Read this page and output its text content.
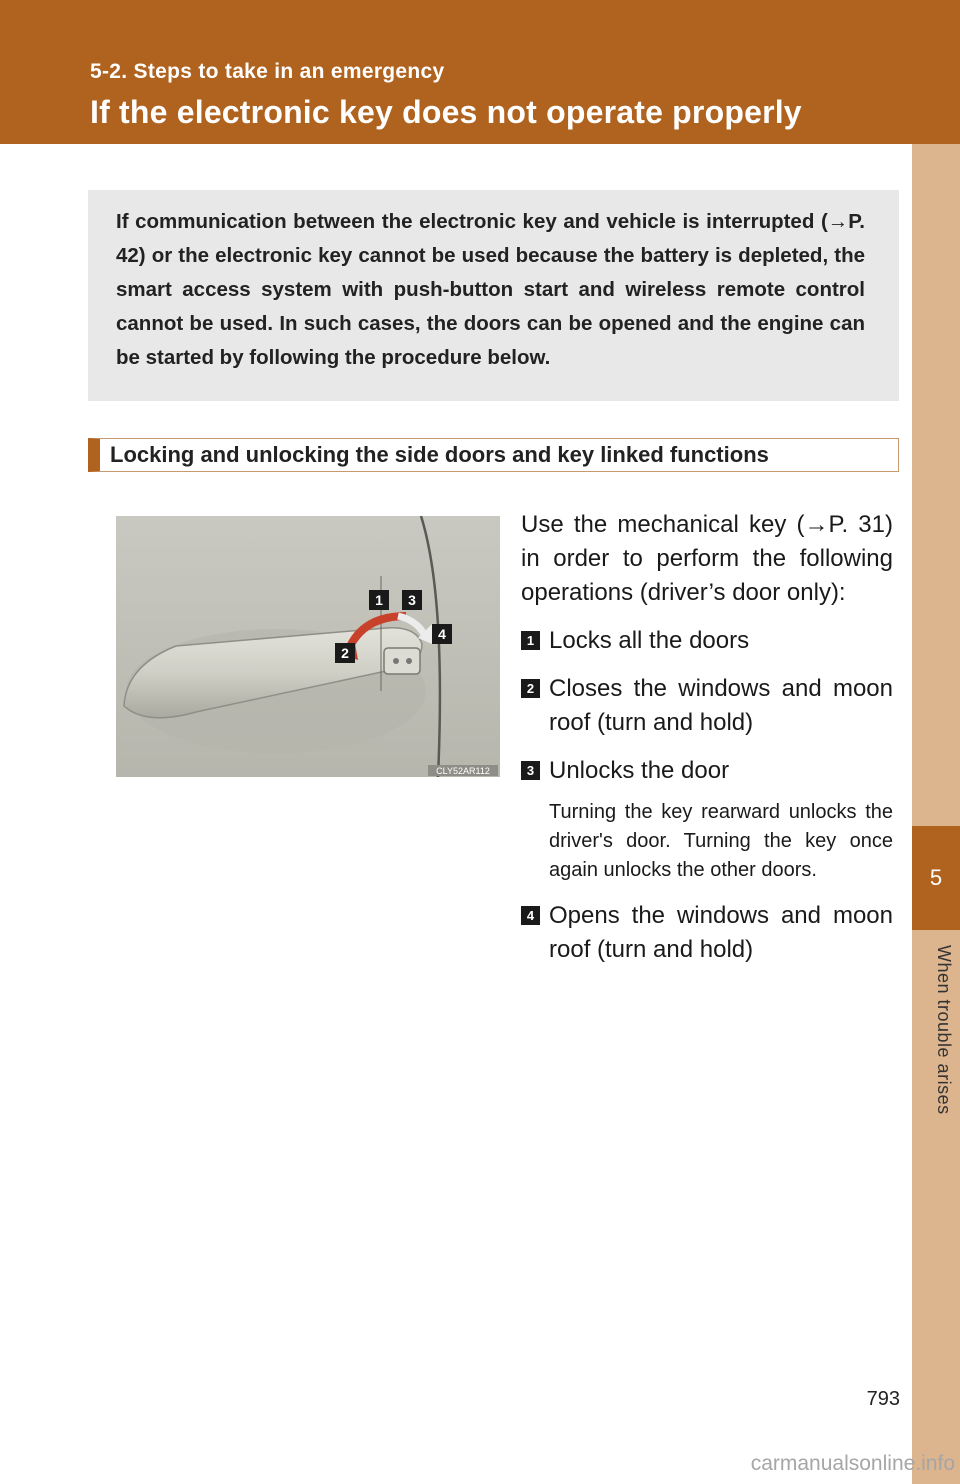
5-2. Steps to take in an emergency
If the electronic key does not operate properly
5
When trouble arises

If communication between the electronic key and vehicle is interrupted (→P. 42) or the electronic key cannot be used because the battery is depleted, the smart access system with push-button start and wireless remote control cannot be used. In such cases, the doors can be opened and the engine can be started by following the procedure below.

Locking and unlocking the side doors and key linked functions
1
2
3
4
CLY52AR112

Use the mechanical key (→P. 31) in order to perform the following operations (driver’s door only):

1 Locks all the doors
2 Closes the windows and moon roof (turn and hold)
3 Unlocks the door

Turning the key rearward unlocks the driver's door. Turning the key once again unlocks the other doors.

4 Opens the windows and moon roof (turn and hold)
793
carmanualsonline.info
